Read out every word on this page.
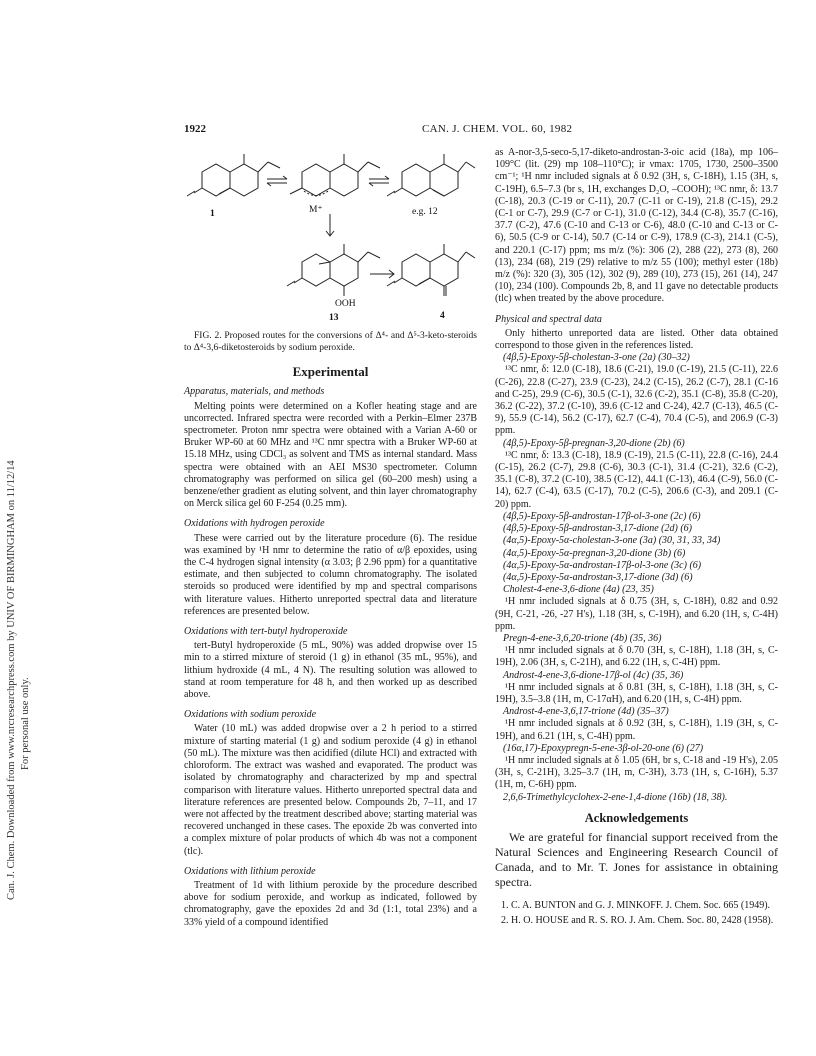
Can. J. Chem. Downloaded from www.nrcresearchpress.com by UNIV OF BIRMINGHAM on 11/12/14 For personal use only.
1922	CAN. J. CHEM. VOL. 60, 1982
1	M⁺	e.g. 12
OOH
13	4

FIG. 2. Proposed routes for the conversions of Δ⁴- and Δ⁵-3-keto-steroids to Δ⁴-3,6-diketosteroids by sodium peroxide.

Experimental
Apparatus, materials, and methods

Melting points were determined on a Kofler heating stage and are uncorrected. Infrared spectra were recorded with a Perkin–Elmer 237B spectrometer. Proton nmr spectra were obtained with a Varian A-60 or Bruker WP-60 at 60 MHz and ¹³C nmr spectra with a Bruker WP-60 at 15.18 MHz, using CDCl₃ as solvent and TMS as internal standard. Mass spectra were obtained with an AEI MS30 spectrometer. Column chromatography was performed on silica gel (60–200 mesh) using a benzene/ether gradient as eluting solvent, and thin layer chromatography on Merck silica gel 60 F-254 (0.25 mm).

Oxidations with hydrogen peroxide

These were carried out by the literature procedure (6). The residue was examined by ¹H nmr to determine the ratio of α/β epoxides, using the C-4 hydrogen signal intensity (α 3.03; β 2.96 ppm) for a quantitative estimate, and then subjected to column chromatography. The isolated steroids so produced were identified by mp and spectral comparisons with literature values. Hitherto unreported spectral data and literature references are presented below.

Oxidations with tert-butyl hydroperoxide

tert-Butyl hydroperoxide (5 mL, 90%) was added dropwise over 15 min to a stirred mixture of steroid (1 g) in ethanol (35 mL, 95%), and lithium hydroxide (4 mL, 4 N). The resulting solution was allowed to stand at room temperature for 48 h, and then worked up as described above.

Oxidations with sodium peroxide

Water (10 mL) was added dropwise over a 2 h period to a stirred mixture of starting material (1 g) and sodium peroxide (4 g) in ethanol (50 mL). The mixture was then acidified (dilute HCl) and extracted with chloroform. The extract was washed and evaporated. The product was isolated by chromatography and characterized by mp and spectral comparison with literature values. Hitherto unreported spectral data and literature references are presented below. Compounds 2b, 7–11, and 17 were not affected by the treatment described above; starting material was recovered unchanged in these cases. The epoxide 2b was converted into a complex mixture of polar products of which 4b was not a component (tlc).

Oxidations with lithium peroxide

Treatment of 1d with lithium peroxide by the procedure described above for sodium peroxide, and workup as indicated, followed by chromatography, gave the epoxides 2d and 3d (1:1, total 23%) and a 33% yield of a compound identified

as A-nor-3,5-seco-5,17-diketo-androstan-3-oic acid (18a), mp 106–109°C (lit. (29) mp 108–110°C); ir νmax: 1705, 1730, 2500–3500 cm⁻¹; ¹H nmr included signals at δ 0.92 (3H, s, C-18H), 1.15 (3H, s, C-19H), 6.5–7.3 (br s, 1H, exchanges D₂O, –COOH); ¹³C nmr, δ: 13.7 (C-18), 20.3 (C-19 or C-11), 20.7 (C-11 or C-19), 21.8 (C-15), 29.2 (C-1 or C-7), 29.9 (C-7 or C-1), 31.0 (C-12), 34.4 (C-8), 35.7 (C-16), 37.7 (C-2), 47.6 (C-10 and C-13 or C-6), 48.0 (C-10 and C-13 or C-6), 50.5 (C-9 or C-14), 50.7 (C-14 or C-9), 178.9 (C-3), 214.1 (C-5), and 220.1 (C-17) ppm; ms m/z (%): 306 (2), 288 (22), 273 (8), 260 (13), 234 (68), 219 (29) relative to m/z 55 (100); methyl ester (18b) m/z (%): 320 (3), 305 (12), 302 (9), 289 (10), 273 (15), 261 (14), 247 (10), 234 (100). Compounds 2b, 8, and 11 gave no detectable products (tlc) when treated by the above procedure.

Physical and spectral data

Only hitherto unreported data are listed. Other data obtained correspond to those given in the references listed.

(4β,5)-Epoxy-5β-cholestan-3-one (2a) (30–32)

¹³C nmr, δ: 12.0 (C-18), 18.6 (C-21), 19.0 (C-19), 21.5 (C-11), 22.6 (C-26), 22.8 (C-27), 23.9 (C-23), 24.2 (C-15), 26.2 (C-7), 28.1 (C-16 and C-25), 29.9 (C-6), 30.5 (C-1), 32.6 (C-2), 35.1 (C-8), 35.8 (C-20), 36.2 (C-22), 37.2 (C-10), 39.6 (C-12 and C-24), 42.7 (C-13), 46.5 (C-9), 55.9 (C-14), 56.2 (C-17), 62.7 (C-4), 70.4 (C-5), and 206.9 (C-3) ppm.

(4β,5)-Epoxy-5β-pregnan-3,20-dione (2b) (6)

¹³C nmr, δ: 13.3 (C-18), 18.9 (C-19), 21.5 (C-11), 22.8 (C-16), 24.4 (C-15), 26.2 (C-7), 29.8 (C-6), 30.3 (C-1), 31.4 (C-21), 32.6 (C-2), 35.1 (C-8), 37.2 (C-10), 38.5 (C-12), 44.1 (C-13), 46.4 (C-9), 56.0 (C-14), 62.7 (C-4), 63.5 (C-17), 70.2 (C-5), 206.6 (C-3), and 209.1 (C-20) ppm.

(4β,5)-Epoxy-5β-androstan-17β-ol-3-one (2c) (6)

(4β,5)-Epoxy-5β-androstan-3,17-dione (2d) (6)

(4α,5)-Epoxy-5α-cholestan-3-one (3a) (30, 31, 33, 34)

(4α,5)-Epoxy-5α-pregnan-3,20-dione (3b) (6)

(4α,5)-Epoxy-5α-androstan-17β-ol-3-one (3c) (6)

(4α,5)-Epoxy-5α-androstan-3,17-dione (3d) (6)

Cholest-4-ene-3,6-dione (4a) (23, 35)

¹H nmr included signals at δ 0.75 (3H, s, C-18H), 0.82 and 0.92 (9H, C-21, -26, -27 H's), 1.18 (3H, s, C-19H), and 6.20 (1H, s, C-4H) ppm.

Pregn-4-ene-3,6,20-trione (4b) (35, 36)

¹H nmr included signals at δ 0.70 (3H, s, C-18H), 1.18 (3H, s, C-19H), 2.06 (3H, s, C-21H), and 6.22 (1H, s, C-4H) ppm.

Androst-4-ene-3,6-dione-17β-ol (4c) (35, 36)

¹H nmr included signals at δ 0.81 (3H, s, C-18H), 1.18 (3H, s, C-19H), 3.5–3.8 (1H, m, C-17αH), and 6.20 (1H, s, C-4H) ppm.

Androst-4-ene-3,6,17-trione (4d) (35–37)

¹H nmr included signals at δ 0.92 (3H, s, C-18H), 1.19 (3H, s, C-19H), and 6.21 (1H, s, C-4H) ppm.

(16α,17)-Epoxypregn-5-ene-3β-ol-20-one (6) (27)

¹H nmr included signals at δ 1.05 (6H, br s, C-18 and -19 H's), 2.05 (3H, s, C-21H), 3.25–3.7 (1H, m, C-3H), 3.73 (1H, s, C-16H), 5.37 (1H, m, C-6H) ppm.

2,6,6-Trimethylcyclohex-2-ene-1,4-dione (16b) (18, 38).

Acknowledgements

We are grateful for financial support received from the Natural Sciences and Engineering Research Council of Canada, and to Mr. T. Jones for assistance in obtaining spectra.

1. C. A. BUNTON and G. J. MINKOFF. J. Chem. Soc. 665 (1949).
2. H. O. HOUSE and R. S. RO. J. Am. Chem. Soc. 80, 2428 (1958).
